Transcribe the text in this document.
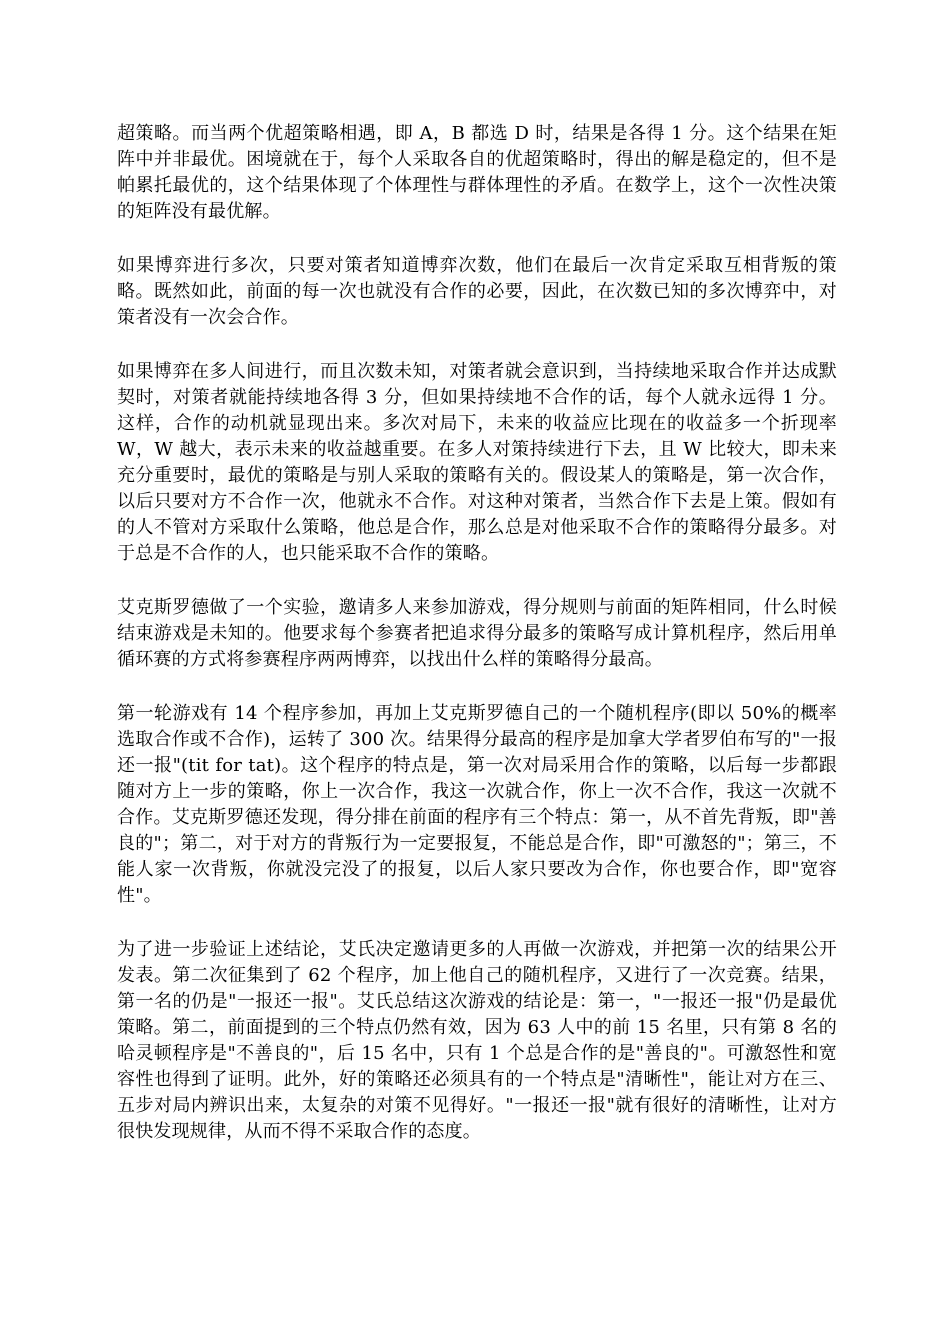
超策略。而当两个优超策略相遇，即 A，B 都选 D 时，结果是各得 1 分。这个结果在矩阵中并非最优。困境就在于，每个人采取各自的优超策略时，得出的解是稳定的，但不是帕累托最优的，这个结果体现了个体理性与群体理性的矛盾。在数学上，这个一次性决策的矩阵没有最优解。

如果博弈进行多次，只要对策者知道博弈次数，他们在最后一次肯定采取互相背叛的策略。既然如此，前面的每一次也就没有合作的必要，因此，在次数已知的多次博弈中，对策者没有一次会合作。

如果博弈在多人间进行，而且次数未知，对策者就会意识到，当持续地采取合作并达成默契时，对策者就能持续地各得 3 分，但如果持续地不合作的话，每个人就永远得 1 分。这样，合作的动机就显现出来。多次对局下，未来的收益应比现在的收益多一个折现率 W，W 越大，表示未来的收益越重要。在多人对策持续进行下去，且 W 比较大，即未来充分重要时，最优的策略是与别人采取的策略有关的。假设某人的策略是，第一次合作，以后只要对方不合作一次，他就永不合作。对这种对策者，当然合作下去是上策。假如有的人不管对方采取什么策略，他总是合作，那么总是对他采取不合作的策略得分最多。对于总是不合作的人，也只能采取不合作的策略。

艾克斯罗德做了一个实验，邀请多人来参加游戏，得分规则与前面的矩阵相同，什么时候结束游戏是未知的。他要求每个参赛者把追求得分最多的策略写成计算机程序，然后用单循环赛的方式将参赛程序两两博弈，以找出什么样的策略得分最高。

第一轮游戏有 14 个程序参加，再加上艾克斯罗德自己的一个随机程序(即以 50%的概率选取合作或不合作)，运转了 300 次。结果得分最高的程序是加拿大学者罗伯布写的"一报还一报"(tit for tat)。这个程序的特点是，第一次对局采用合作的策略，以后每一步都跟随对方上一步的策略，你上一次合作，我这一次就合作，你上一次不合作，我这一次就不合作。艾克斯罗德还发现，得分排在前面的程序有三个特点：第一，从不首先背叛，即"善良的"；第二，对于对方的背叛行为一定要报复，不能总是合作，即"可激怒的"；第三，不能人家一次背叛，你就没完没了的报复，以后人家只要改为合作，你也要合作，即"宽容性"。

为了进一步验证上述结论，艾氏决定邀请更多的人再做一次游戏，并把第一次的结果公开发表。第二次征集到了 62 个程序，加上他自己的随机程序，又进行了一次竞赛。结果，第一名的仍是"一报还一报"。艾氏总结这次游戏的结论是：第一，"一报还一报"仍是最优策略。第二，前面提到的三个特点仍然有效，因为 63 人中的前 15 名里，只有第 8 名的哈灵顿程序是"不善良的"，后 15 名中，只有 1 个总是合作的是"善良的"。可激怒性和宽容性也得到了证明。此外，好的策略还必须具有的一个特点是"清晰性"，能让对方在三、五步对局内辨识出来，太复杂的对策不见得好。"一报还一报"就有很好的清晰性，让对方很快发现规律，从而不得不采取合作的态度。
